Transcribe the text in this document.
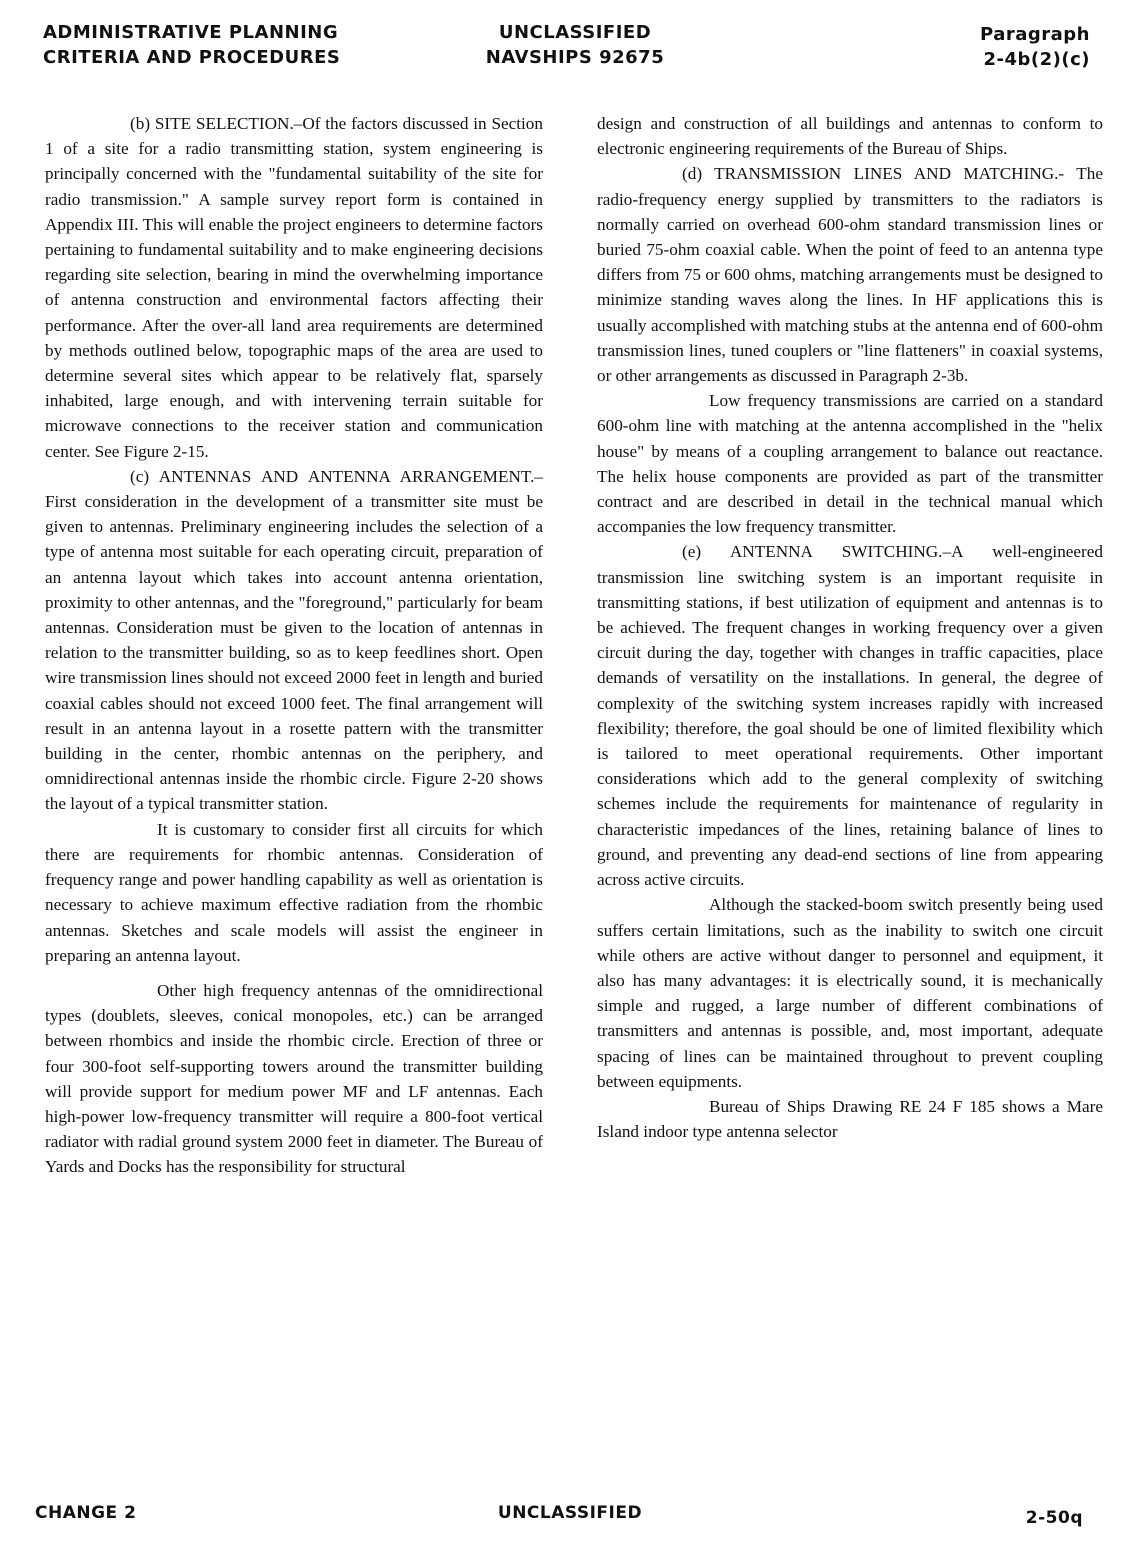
ADMINISTRATIVE PLANNING
CRITERIA AND PROCEDURES
UNCLASSIFIED
NAVSHIPS 92675
Paragraph
2-4b(2)(c)

(b) SITE SELECTION.–Of the factors discussed in Section 1 of a site for a radio transmitting station, system engineering is principally concerned with the "fundamental suitability of the site for radio transmission." A sample survey report form is contained in Appendix III. This will enable the project engineers to determine factors pertaining to fundamental suitability and to make engineering decisions regarding site selection, bearing in mind the overwhelming importance of antenna construction and environmental factors affecting their performance. After the over-all land area requirements are determined by methods outlined below, topographic maps of the area are used to determine several sites which appear to be relatively flat, sparsely inhabited, large enough, and with intervening terrain suitable for microwave connections to the receiver station and communication center. See Figure 2-15.

(c) ANTENNAS AND ANTENNA ARRANGEMENT.–First consideration in the development of a transmitter site must be given to antennas. Preliminary engineering includes the selection of a type of antenna most suitable for each operating circuit, preparation of an antenna layout which takes into account antenna orientation, proximity to other antennas, and the "foreground," particularly for beam antennas. Consideration must be given to the location of antennas in relation to the transmitter building, so as to keep feedlines short. Open wire transmission lines should not exceed 2000 feet in length and buried coaxial cables should not exceed 1000 feet. The final arrangement will result in an antenna layout in a rosette pattern with the transmitter building in the center, rhombic antennas on the periphery, and omnidirectional antennas inside the rhombic circle. Figure 2-20 shows the layout of a typical transmitter station.

It is customary to consider first all circuits for which there are requirements for rhombic antennas. Consideration of frequency range and power handling capability as well as orientation is necessary to achieve maximum effective radiation from the rhombic antennas. Sketches and scale models will assist the engineer in preparing an antenna layout.

Other high frequency antennas of the omnidirectional types (doublets, sleeves, conical monopoles, etc.) can be arranged between rhombics and inside the rhombic circle. Erection of three or four 300-foot self-supporting towers around the transmitter building will provide support for medium power MF and LF antennas. Each high-power low-frequency transmitter will require a 800-foot vertical radiator with radial ground system 2000 feet in diameter. The Bureau of Yards and Docks has the responsibility for structural

design and construction of all buildings and antennas to conform to electronic engineering requirements of the Bureau of Ships.

(d) TRANSMISSION LINES AND MATCHING.- The radio-frequency energy supplied by transmitters to the radiators is normally carried on overhead 600-ohm standard transmission lines or buried 75-ohm coaxial cable. When the point of feed to an antenna type differs from 75 or 600 ohms, matching arrangements must be designed to minimize standing waves along the lines. In HF applications this is usually accomplished with matching stubs at the antenna end of 600-ohm transmission lines, tuned couplers or "line flatteners" in coaxial systems, or other arrangements as discussed in Paragraph 2-3b.

Low frequency transmissions are carried on a standard 600-ohm line with matching at the antenna accomplished in the "helix house" by means of a coupling arrangement to balance out reactance. The helix house components are provided as part of the transmitter contract and are described in detail in the technical manual which accompanies the low frequency transmitter.

(e) ANTENNA SWITCHING.–A well-engineered transmission line switching system is an important requisite in transmitting stations, if best utilization of equipment and antennas is to be achieved. The frequent changes in working frequency over a given circuit during the day, together with changes in traffic capacities, place demands of versatility on the installations. In general, the degree of complexity of the switching system increases rapidly with increased flexibility; therefore, the goal should be one of limited flexibility which is tailored to meet operational requirements. Other important considerations which add to the general complexity of switching schemes include the requirements for maintenance of regularity in characteristic impedances of the lines, retaining balance of lines to ground, and preventing any dead-end sections of line from appearing across active circuits.

Although the stacked-boom switch presently being used suffers certain limitations, such as the inability to switch one circuit while others are active without danger to personnel and equipment, it also has many advantages: it is electrically sound, it is mechanically simple and rugged, a large number of different combinations of transmitters and antennas is possible, and, most important, adequate spacing of lines can be maintained throughout to prevent coupling between equipments.

Bureau of Ships Drawing RE 24 F 185 shows a Mare Island indoor type antenna selector

CHANGE 2	UNCLASSIFIED	2-50q
